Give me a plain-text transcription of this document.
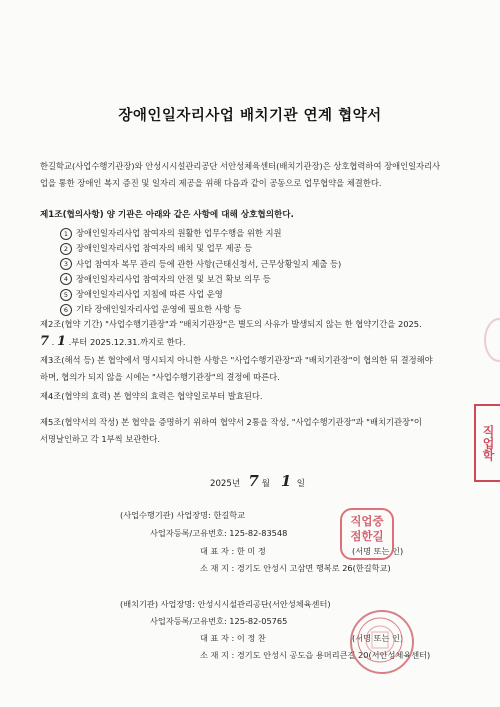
직업학
장애인일자리사업 배치기관 연계 협약서
한길학교(사업수행기관장)와 안성시시설관리공단 서안성체육센터(배치기관장)은 상호협력하여 장애인일자리사
업을 통한 장애인 복지 증진 및 일자리 제공을 위해 다음과 같이 공동으로 업무협약을 체결한다.
제1조(협의사항) 양 기관은 아래와 같은 사항에 대해 상호협의한다.
1 장애인일자리사업 참여자의 원활한 업무수행을 위한 지원
2 장애인일자리사업 참여자의 배치 및 업무 제공 등
3 사업 참여자 복무 관리 등에 관한 사항(근태신청서, 근무상황일지 제출 등)
4 장애인일자리사업 참여자의 안전 및 보건 확보 의무 등
5 장애인일자리사업 지침에 따른 사업 운영
6 기타 장애인일자리사업 운영에 필요한 사항 등
제2조(협약 기간) "사업수행기관장"과 "배치기관장"은 별도의 사유가 발생되지 않는 한 협약기간을 2025.
7 . 1 .부터 2025.12.31.까지로 한다.
제3조(해석 등) 본 협약에서 명시되지 아니한 사항은 "사업수행기관장"과 "배치기관장"이 협의한 뒤 결정해야
하며, 협의가 되지 않을 시에는 "사업수행기관장"의 결정에 따른다.
제4조(협약의 효력) 본 협약의 효력은 협약일로부터 발효된다.
제5조(협약서의 작성) 본 협약을 증명하기 위하여 협약서 2통을 작성, "사업수행기관장"과 "배치기관장"이
서명날인하고 각 1부씩 보관한다.
2025년 7 월 1 일
(사업수행기관) 사업장명: 한길학교
사업자등록/고유번호: 125-82-83548
대 표 자 : 한 미 정	(서명 또는 인)
소 재 지 : 경기도 안성시 고삼면 행복로 26(한길학교)
직업중점한길
(배치기관) 사업장명: 안성시시설관리공단(서안성체육센터)
사업자등록/고유번호: 125-82-05765
대 표 자 : 이 정 찬	(서명 또는 인)
소 재 지 : 경기도 안성시 공도읍 용머리큰길 20(서안성체육센터)
